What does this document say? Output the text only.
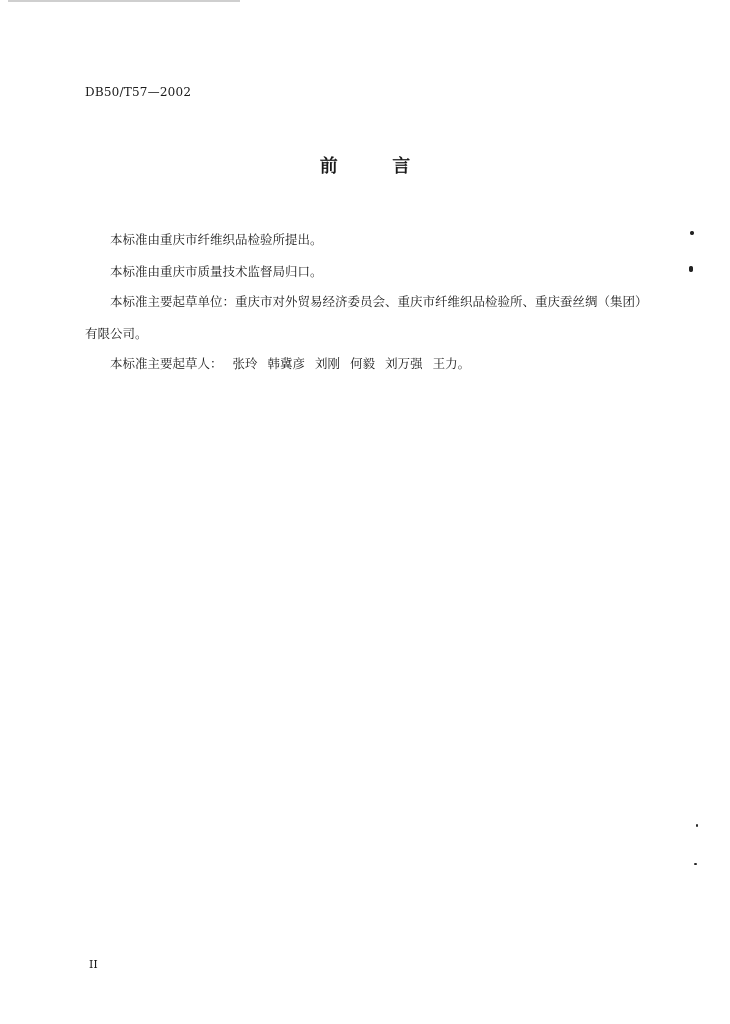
DB50/T57—2002
前	言
本标准由重庆市纤维织品检验所提出。
本标准由重庆市质量技术监督局归口。
本标准主要起草单位：重庆市对外贸易经济委员会、重庆市纤维织品检验所、重庆蚕丝绸（集团）
有限公司。
本标准主要起草人： 张玲 韩冀彦 刘刚 何毅 刘万强 王力。
II
